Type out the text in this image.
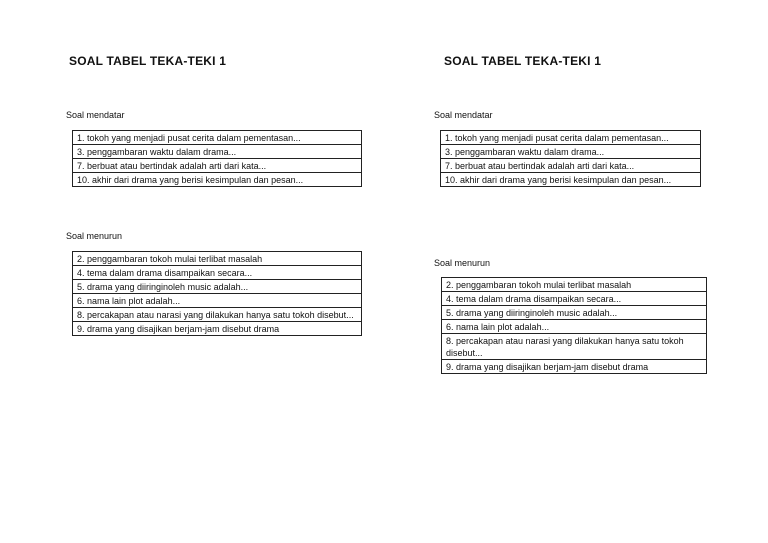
SOAL TABEL TEKA-TEKI 1
Soal mendatar
1. tokoh yang menjadi pusat cerita dalam pementasan...
3. penggambaran waktu dalam drama...
7. berbuat atau bertindak adalah arti dari kata...
10. akhir dari drama yang berisi kesimpulan dan pesan...
Soal menurun
2. penggambaran tokoh mulai terlibat masalah
4. tema dalam drama disampaikan secara...
5. drama yang diiringinoleh music adalah...
6. nama lain plot adalah...
8. percakapan atau narasi yang dilakukan hanya satu tokoh disebut...
9. drama yang disajikan berjam-jam disebut drama
SOAL TABEL TEKA-TEKI 1
Soal mendatar
1. tokoh yang menjadi pusat cerita dalam pementasan...
3. penggambaran waktu dalam drama...
7. berbuat atau bertindak adalah arti dari kata...
10. akhir dari drama yang berisi kesimpulan dan pesan...
Soal menurun
2. penggambaran tokoh mulai terlibat masalah
4. tema dalam drama disampaikan secara...
5. drama yang diiringinoleh music adalah...
6. nama lain plot adalah...
8. percakapan atau narasi yang dilakukan hanya satu tokoh disebut...
9. drama yang disajikan berjam-jam disebut drama
